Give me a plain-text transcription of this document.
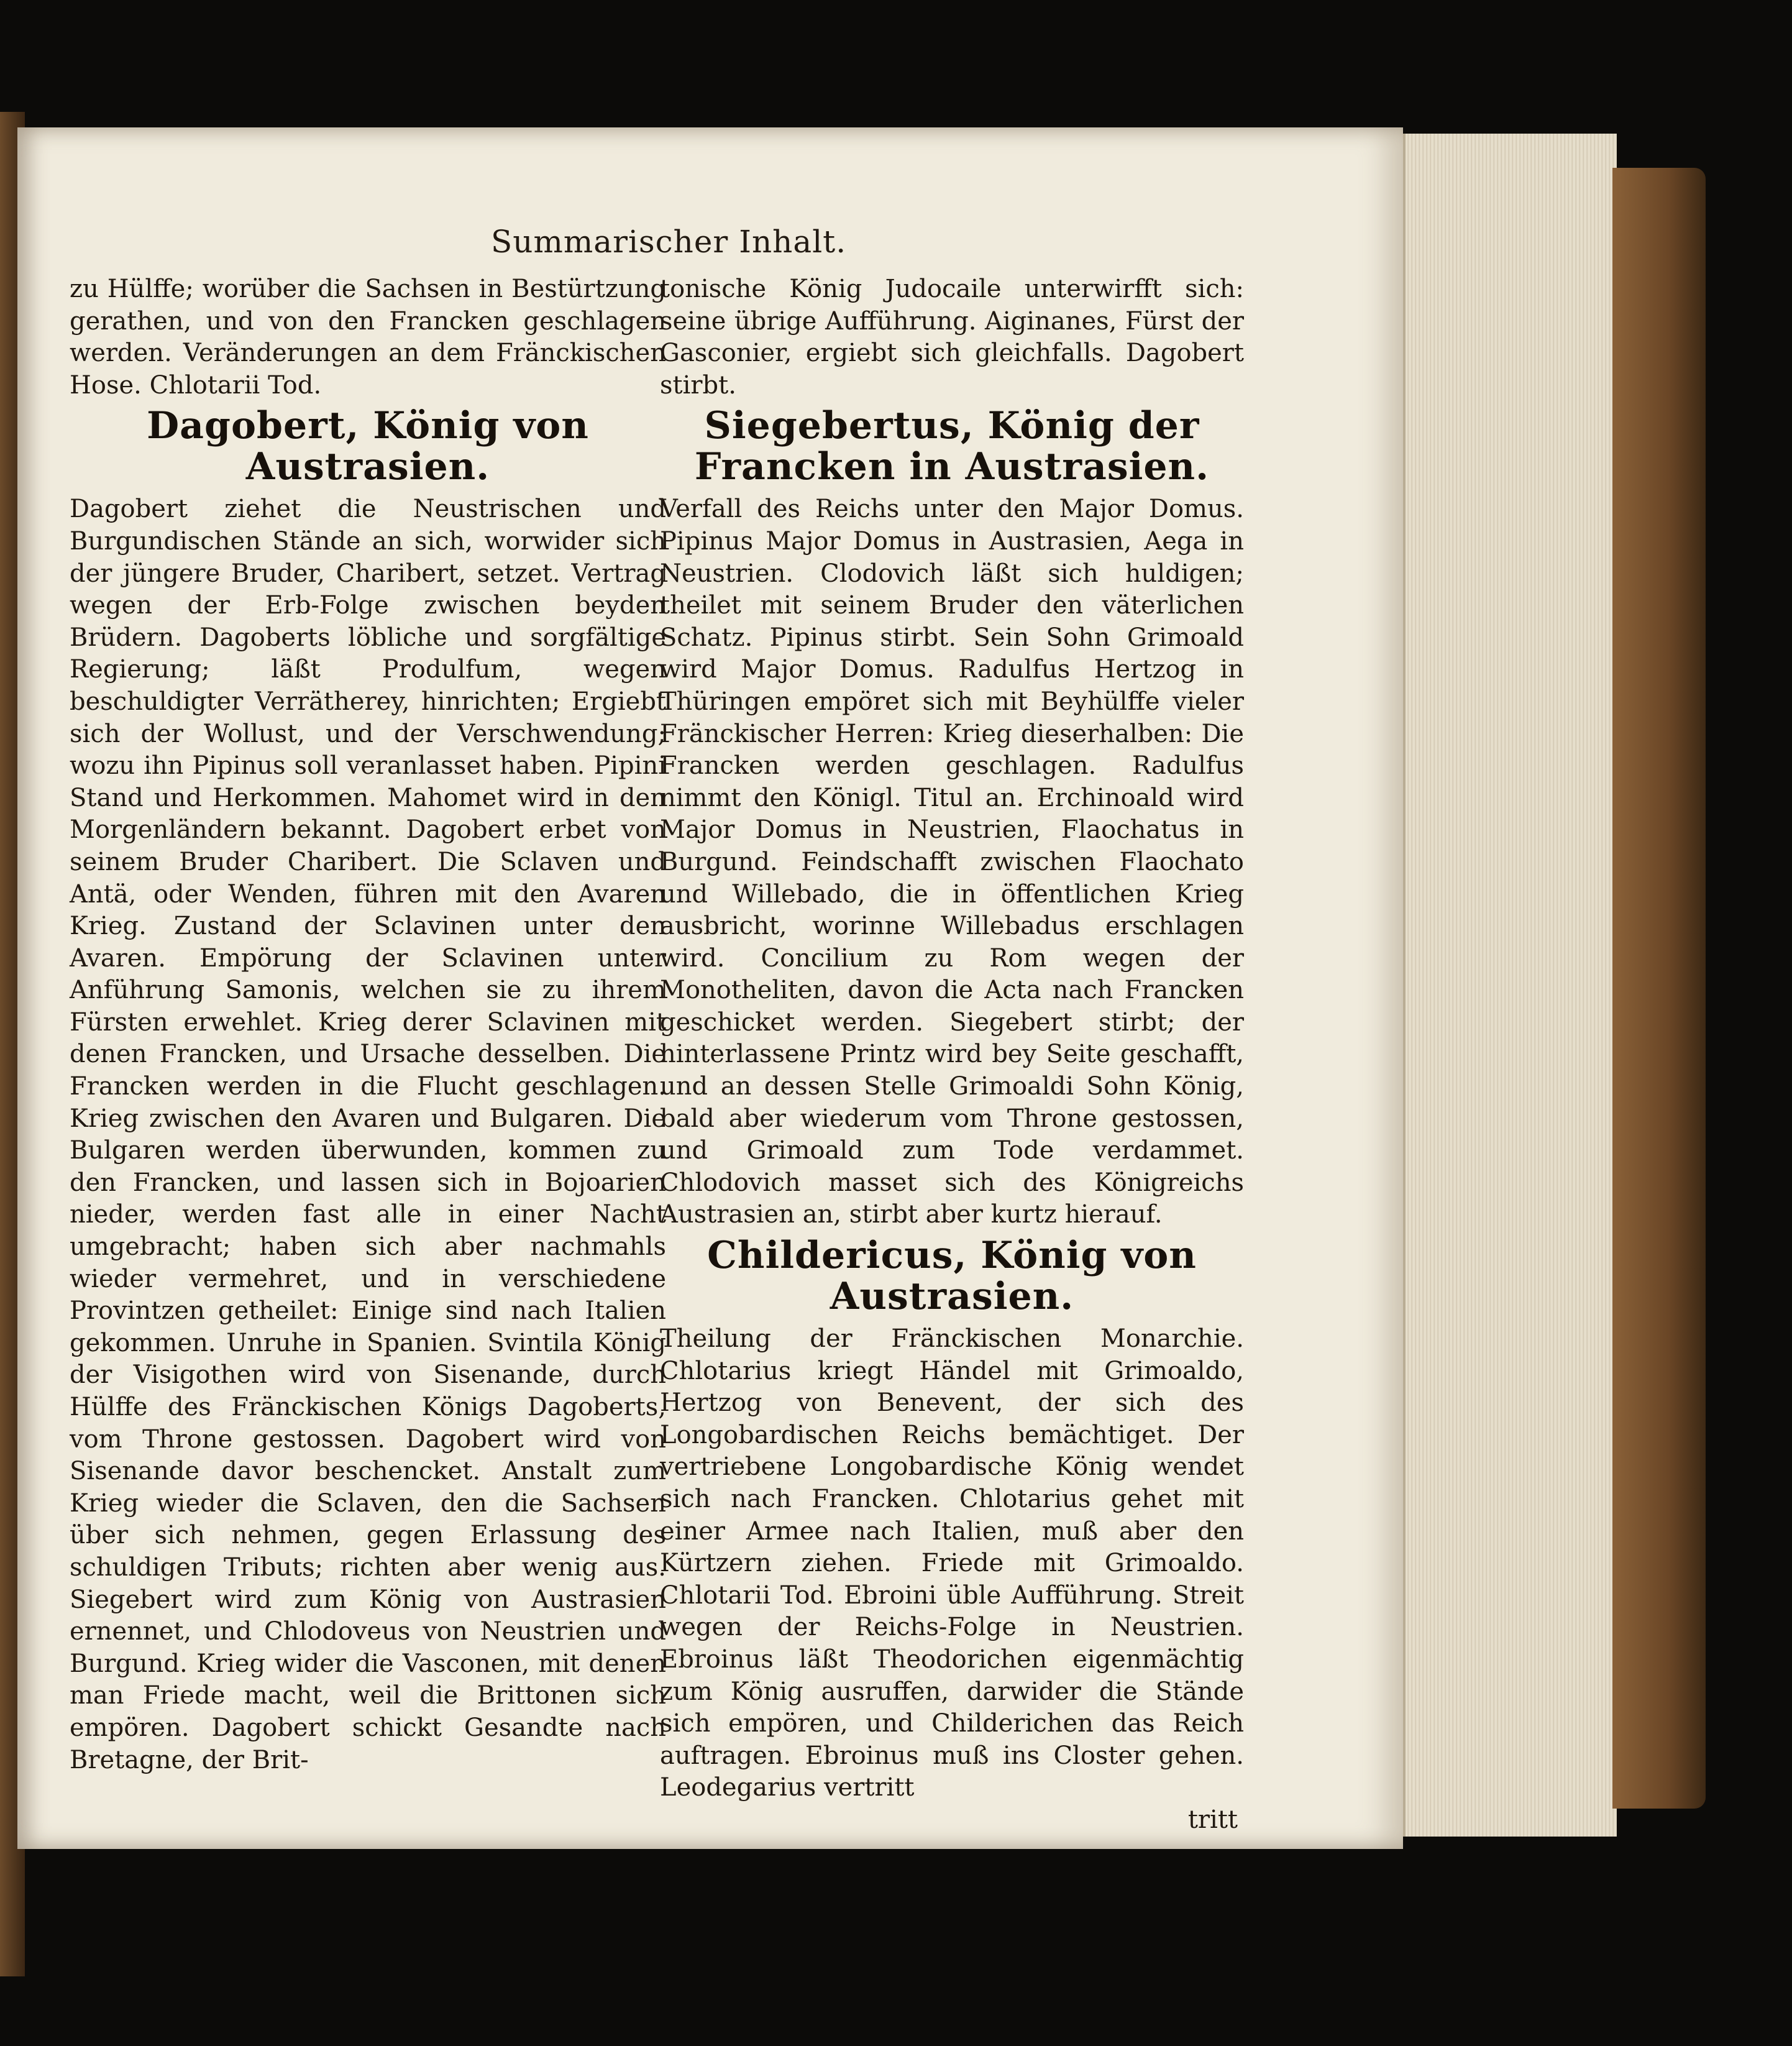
Summarischer Inhalt.

zu Hülffe; worüber die Sachsen in Bestürtzung gerathen, und von den Francken geschlagen werden. Veränderungen an dem Fränckischen Hose. Chlotarii Tod.

Dagobert, König von Austrasien.

Dagobert ziehet die Neustrischen und Burgundischen Stände an sich, worwider sich der jüngere Bruder, Charibert, setzet. Vertrag wegen der Erb-Folge zwischen beyden Brüdern. Dagoberts löbliche und sorgfältige Regierung; läßt Produlfum, wegen beschuldigter Verrätherey, hinrichten; Ergiebt sich der Wollust, und der Verschwendung; wozu ihn Pipinus soll veranlasset haben. Pipini Stand und Herkommen. Mahomet wird in den Morgenländern bekannt. Dagobert erbet von seinem Bruder Charibert. Die Sclaven und Antä, oder Wenden, führen mit den Avaren Krieg. Zustand der Sclavinen unter den Avaren. Empörung der Sclavinen unter Anführung Samonis, welchen sie zu ihrem Fürsten erwehlet. Krieg derer Sclavinen mit denen Francken, und Ursache desselben. Die Francken werden in die Flucht geschlagen. Krieg zwischen den Avaren und Bulgaren. Die Bulgaren werden überwunden, kommen zu den Francken, und lassen sich in Bojoarien nieder, werden fast alle in einer Nacht umgebracht; haben sich aber nachmahls wieder vermehret, und in verschiedene Provintzen getheilet: Einige sind nach Italien gekommen. Unruhe in Spanien. Svintila König der Visigothen wird von Sisenande, durch Hülffe des Fränckischen Königs Dagoberts, vom Throne gestossen. Dagobert wird von Sisenande davor beschencket. Anstalt zum Krieg wieder die Sclaven, den die Sachsen über sich nehmen, gegen Erlassung des schuldigen Tributs; richten aber wenig aus. Siegebert wird zum König von Austrasien ernennet, und Chlodoveus von Neustrien und Burgund. Krieg wider die Vasconen, mit denen man Friede macht, weil die Brittonen sich empören. Dagobert schickt Gesandte nach Bretagne, der Brit-

tonische König Judocaile unterwirfft sich: seine übrige Aufführung. Aiginanes, Fürst der Gasconier, ergiebt sich gleichfalls. Dagobert stirbt.

Siegebertus, König der Francken in Austrasien.

Verfall des Reichs unter den Major Domus. Pipinus Major Domus in Austrasien, Aega in Neustrien. Clodovich läßt sich huldigen; theilet mit seinem Bruder den väterlichen Schatz. Pipinus stirbt. Sein Sohn Grimoald wird Major Domus. Radulfus Hertzog in Thüringen empöret sich mit Beyhülffe vieler Fränckischer Herren: Krieg dieserhalben: Die Francken werden geschlagen. Radulfus nimmt den Königl. Titul an. Erchinoald wird Major Domus in Neustrien, Flaochatus in Burgund. Feindschafft zwischen Flaochato und Willebado, die in öffentlichen Krieg ausbricht, worinne Willebadus erschlagen wird. Concilium zu Rom wegen der Monotheliten, davon die Acta nach Francken geschicket werden. Siegebert stirbt; der hinterlassene Printz wird bey Seite geschafft, und an dessen Stelle Grimoaldi Sohn König, bald aber wiederum vom Throne gestossen, und Grimoald zum Tode verdammet. Chlodovich masset sich des Königreichs Austrasien an, stirbt aber kurtz hierauf.

Childericus, König von Austrasien.

Theilung der Fränckischen Monarchie. Chlotarius kriegt Händel mit Grimoaldo, Hertzog von Benevent, der sich des Longobardischen Reichs bemächtiget. Der vertriebene Longobardische König wendet sich nach Francken. Chlotarius gehet mit einer Armee nach Italien, muß aber den Kürtzern ziehen. Friede mit Grimoaldo. Chlotarii Tod. Ebroini üble Aufführung. Streit wegen der Reichs-Folge in Neustrien. Ebroinus läßt Theodorichen eigenmächtig zum König ausruffen, darwider die Stände sich empören, und Childerichen das Reich auftragen. Ebroinus muß ins Closter gehen. Leodegarius vertritt

tritt
